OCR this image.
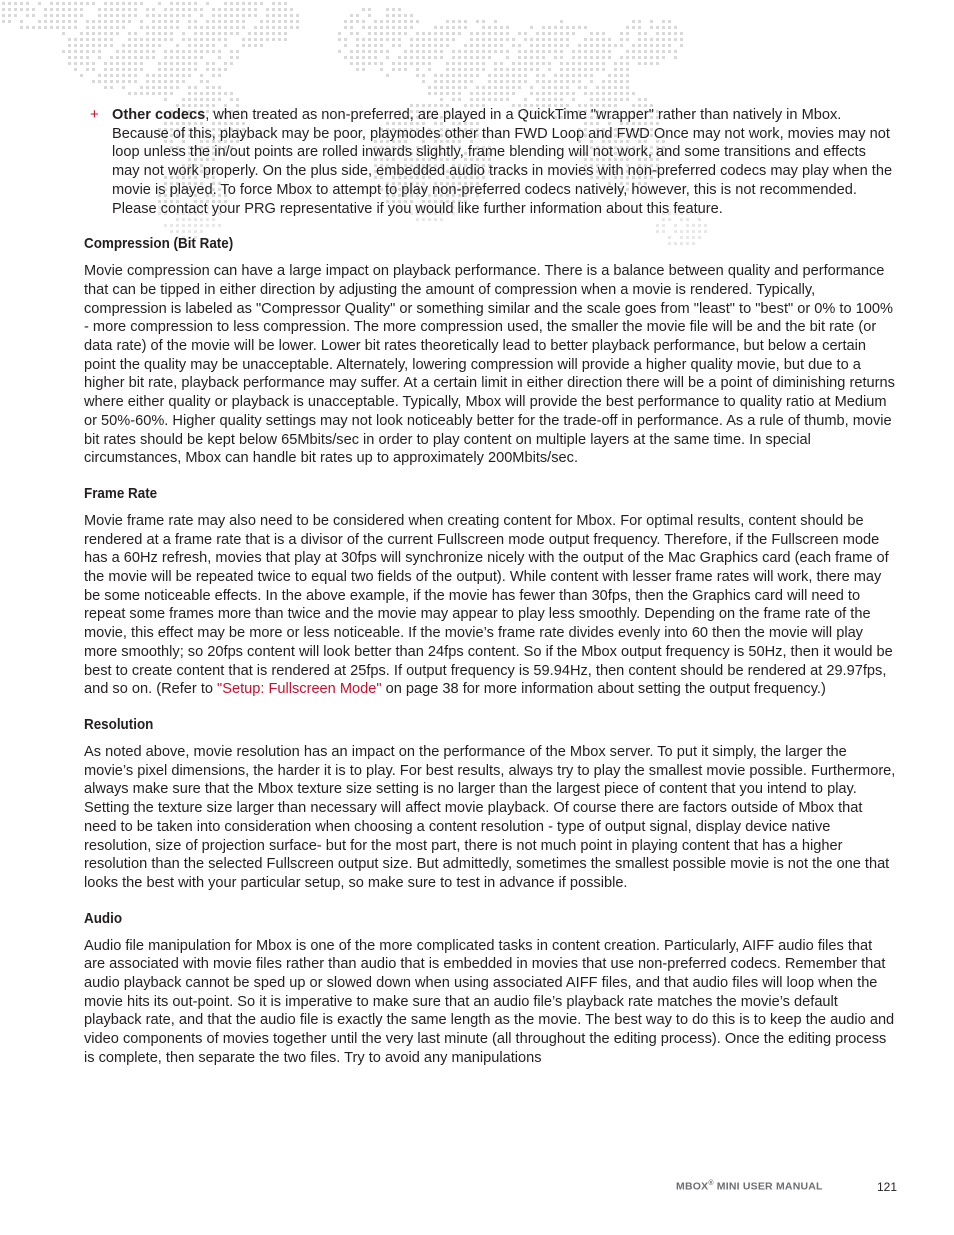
+ Other codecs, when treated as non-preferred, are played in a QuickTime "wrapper" rather than natively in Mbox. Because of this, playback may be poor, playmodes other than FWD Loop and FWD Once may not work, movies may not loop unless the in/out points are rolled inwards slightly, frame blending will not work, and some transitions and effects may not work properly. On the plus side, embedded audio tracks in movies with non-preferred codecs may play when the movie is played. To force Mbox to attempt to play non-preferred codecs natively, however, this is not recommended. Please contact your PRG representative if you would like further information about this feature.
Compression (Bit Rate)

Movie compression can have a large impact on playback performance. There is a balance between quality and performance that can be tipped in either direction by adjusting the amount of compression when a movie is rendered. Typically, compression is labeled as "Compressor Quality" or something similar and the scale goes from "least" to "best" or 0% to 100% - more compression to less compression. The more compression used, the smaller the movie file will be and the bit rate (or data rate) of the movie will be lower. Lower bit rates theoretically lead to better playback performance, but below a certain point the quality may be unacceptable. Alternately, lowering compression will provide a higher quality movie, but due to a higher bit rate, playback performance may suffer. At a certain limit in either direction there will be a point of diminishing returns where either quality or playback is unacceptable. Typically, Mbox will provide the best performance to quality ratio at Medium or 50%-60%. Higher quality settings may not look noticeably better for the trade-off in performance. As a rule of thumb, movie bit rates should be kept below 65Mbits/sec in order to play content on multiple layers at the same time. In special circumstances, Mbox can handle bit rates up to approximately 200Mbits/sec.

Frame Rate

Movie frame rate may also need to be considered when creating content for Mbox. For optimal results, content should be rendered at a frame rate that is a divisor of the current Fullscreen mode output frequency. Therefore, if the Fullscreen mode has a 60Hz refresh, movies that play at 30fps will synchronize nicely with the output of the Mac Graphics card (each frame of the movie will be repeated twice to equal two fields of the output). While content with lesser frame rates will work, there may be some noticeable effects. In the above example, if the movie has fewer than 30fps, then the Graphics card will need to repeat some frames more than twice and the movie may appear to play less smoothly. Depending on the frame rate of the movie, this effect may be more or less noticeable. If the movie’s frame rate divides evenly into 60 then the movie will play more smoothly; so 20fps content will look better than 24fps content. So if the Mbox output frequency is 50Hz, then it would be best to create content that is rendered at 25fps. If output frequency is 59.94Hz, then content should be rendered at 29.97fps, and so on. (Refer to "Setup: Fullscreen Mode" on page 38 for more information about setting the output frequency.)

Resolution

As noted above, movie resolution has an impact on the performance of the Mbox server. To put it simply, the larger the movie’s pixel dimensions, the harder it is to play. For best results, always try to play the smallest movie possible. Furthermore, always make sure that the Mbox texture size setting is no larger than the largest piece of content that you intend to play. Setting the texture size larger than necessary will affect movie playback. Of course there are factors outside of Mbox that need to be taken into consideration when choosing a content resolution - type of output signal, display device native resolution, size of projection surface- but for the most part, there is not much point in playing content that has a higher resolution than the selected Fullscreen output size. But admittedly, sometimes the smallest possible movie is not the one that looks the best with your particular setup, so make sure to test in advance if possible.

Audio

Audio file manipulation for Mbox is one of the more complicated tasks in content creation. Particularly, AIFF audio files that are associated with movie files rather than audio that is embedded in movies that use non-preferred codecs. Remember that audio playback cannot be sped up or slowed down when using associated AIFF files, and that audio files will loop when the movie hits its out-point. So it is imperative to make sure that an audio file’s playback rate matches the movie’s default playback rate, and that the audio file is exactly the same length as the movie. The best way to do this is to keep the audio and video components of movies together until the very last minute (all throughout the editing process). Once the editing process is complete, then separate the two files. Try to avoid any manipulations

MBOX® MINI USER MANUAL	121
